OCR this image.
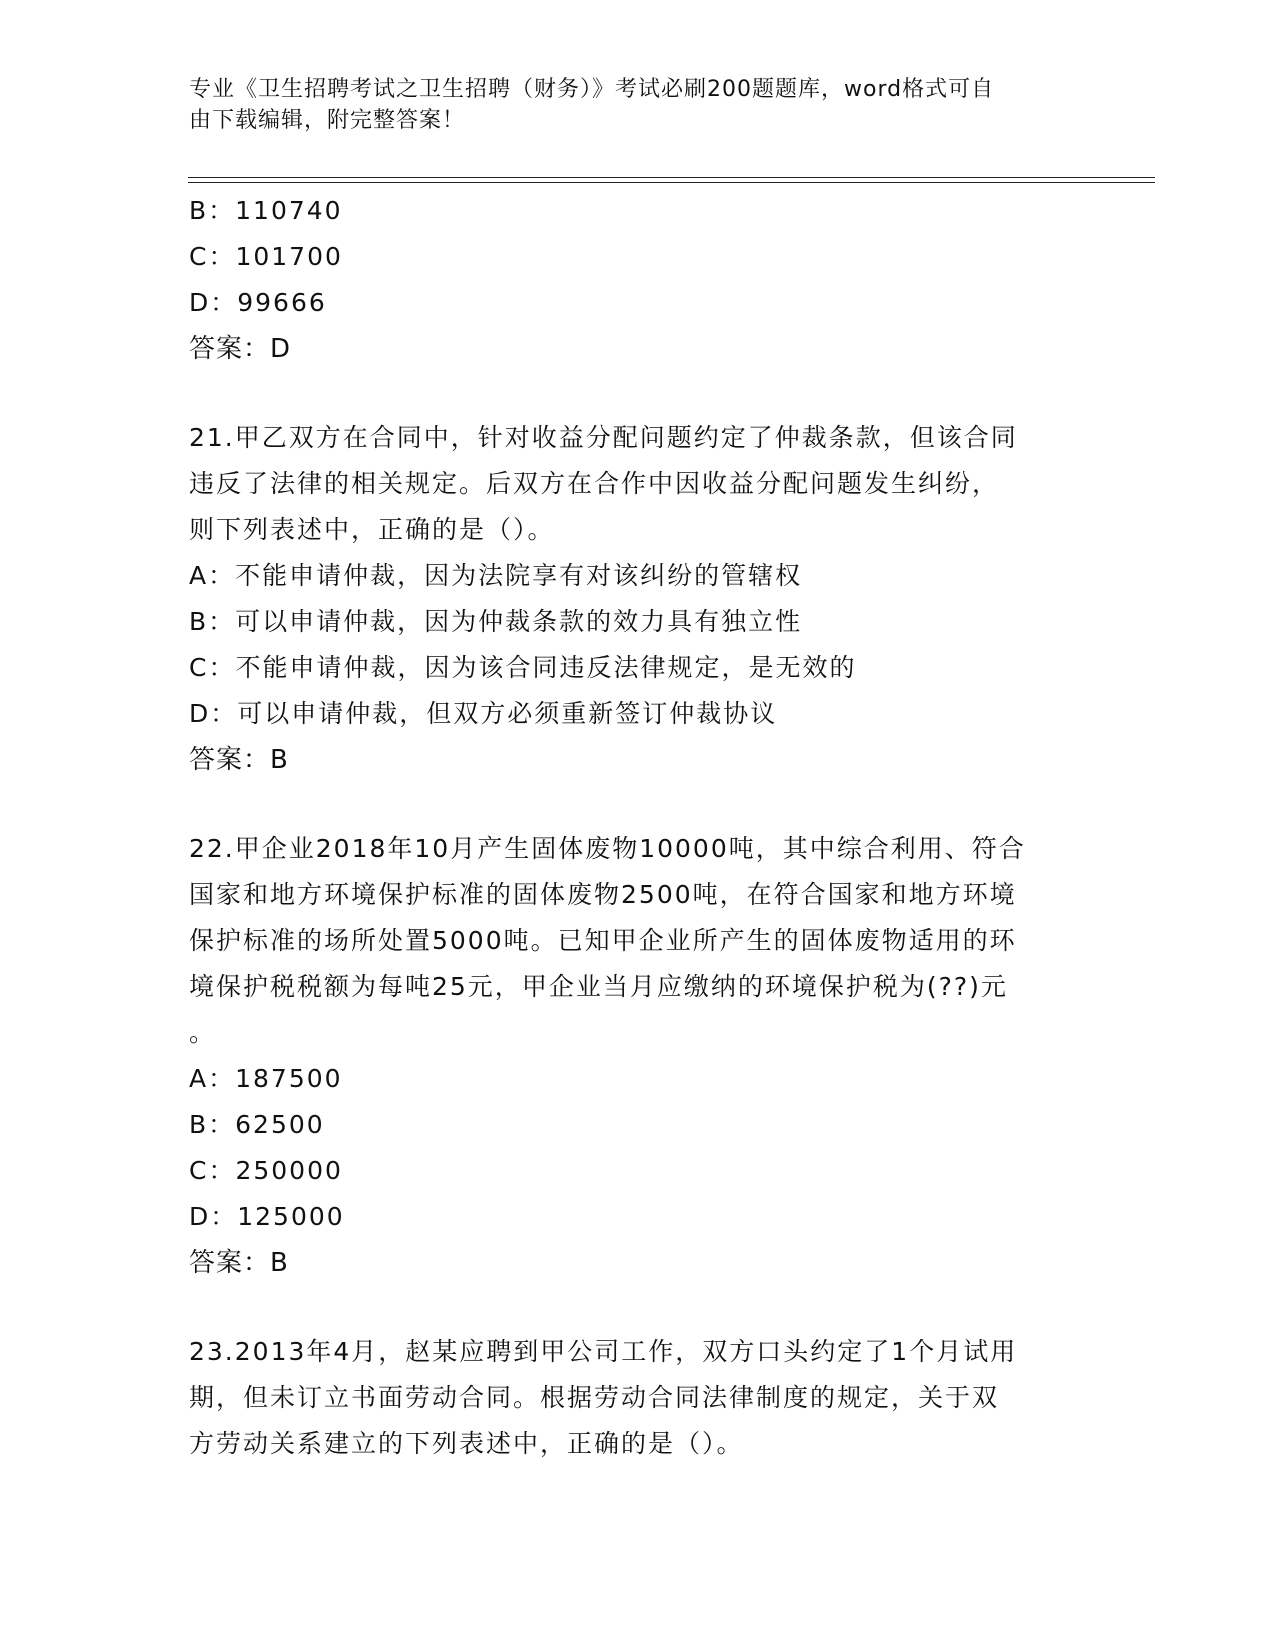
专业《卫生招聘考试之卫生招聘（财务）》考试必刷200题题库，word格式可自
由下载编辑，附完整答案！
B：110740
C：101700
D：99666
答案：D
21.甲乙双方在合同中，针对收益分配问题约定了仲裁条款，但该合同
违反了法律的相关规定。后双方在合作中因收益分配问题发生纠纷，
则下列表述中，正确的是（）。
A：不能申请仲裁，因为法院享有对该纠纷的管辖权
B：可以申请仲裁，因为仲裁条款的效力具有独立性
C：不能申请仲裁，因为该合同违反法律规定，是无效的
D：可以申请仲裁，但双方必须重新签订仲裁协议
答案：B
22.甲企业2018年10月产生固体废物10000吨，其中综合利用、符合
国家和地方环境保护标准的固体废物2500吨，在符合国家和地方环境
保护标准的场所处置5000吨。已知甲企业所产生的固体废物适用的环
境保护税税额为每吨25元，甲企业当月应缴纳的环境保护税为(??)元
。
A：187500
B：62500
C：250000
D：125000
答案：B
23.2013年4月，赵某应聘到甲公司工作，双方口头约定了1个月试用
期，但未订立书面劳动合同。根据劳动合同法律制度的规定，关于双
方劳动关系建立的下列表述中，正确的是（）。
